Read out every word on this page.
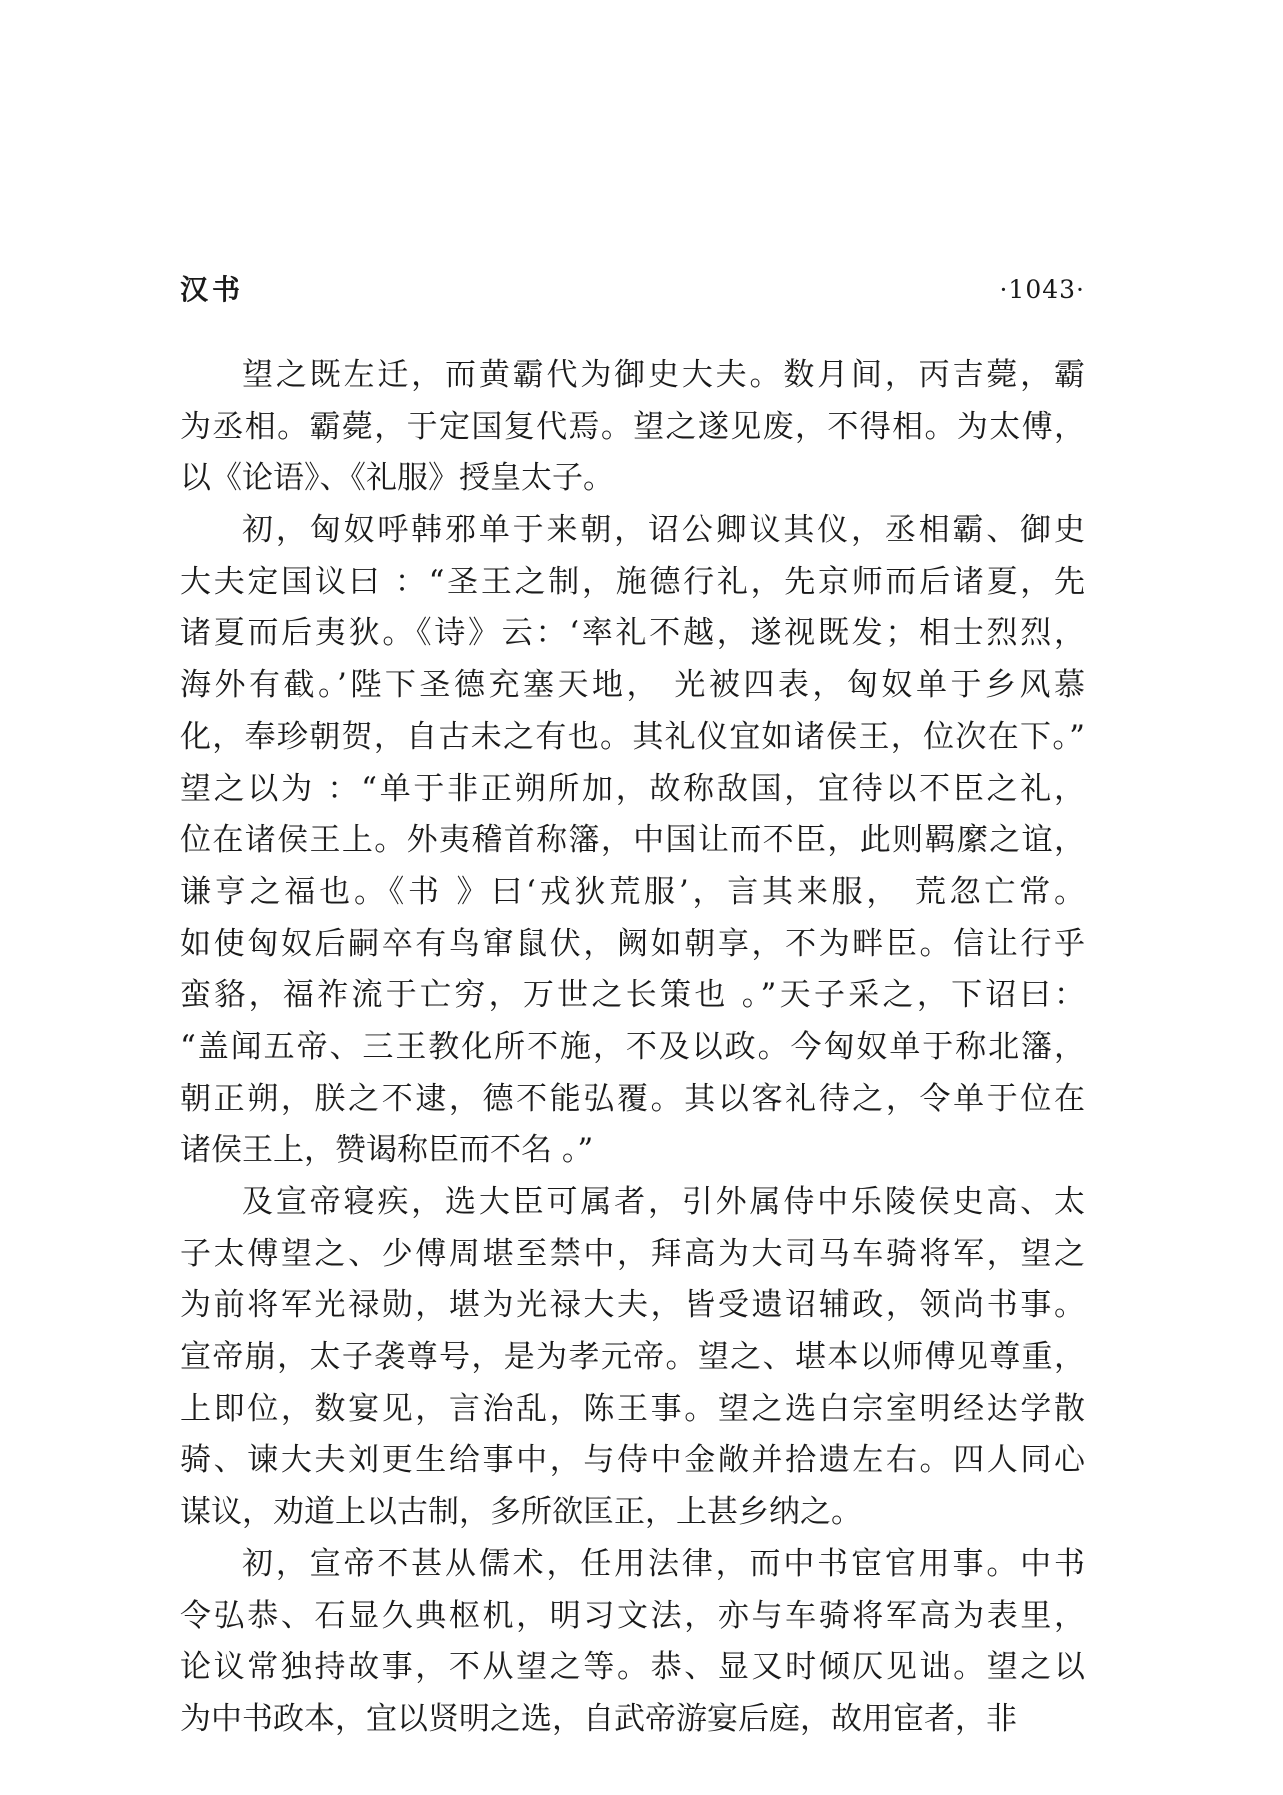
汉书	·1043·
望之既左迁，而黄霸代为御史大夫。数月间，丙吉薨，霸
为丞相。霸薨，于定国复代焉。望之遂见废，不得相。为太傅，
以《论语》、《礼服》授皇太子。
初，匈奴呼韩邪单于来朝，诏公卿议其仪，丞相霸、御史
大夫定国议曰 ：“圣王之制，施德行礼，先京师而后诸夏，先
诸夏而后夷狄。《诗》云：‘率礼不越，遂视既发；相士烈烈，
海外有截。’陛下圣德充塞天地， 光被四表，匈奴单于乡风慕
化，奉珍朝贺，自古未之有也。其礼仪宜如诸侯王，位次在下。”
望之以为 ：“单于非正朔所加，故称敌国，宜待以不臣之礼，
位在诸侯王上。外夷稽首称籓，中国让而不臣，此则羁縻之谊，
谦亨之福也。《书 》曰‘戎狄荒服’，言其来服， 荒忽亡常。
如使匈奴后嗣卒有鸟窜鼠伏，阙如朝享，不为畔臣。信让行乎
蛮貉，福祚流于亡穷，万世之长策也 。”天子采之，下诏曰：
“盖闻五帝、三王教化所不施，不及以政。今匈奴单于称北籓，
朝正朔，朕之不逮，德不能弘覆。其以客礼待之，令单于位在
诸侯王上，赞谒称臣而不名 。”
及宣帝寝疾，选大臣可属者，引外属侍中乐陵侯史高、太
子太傅望之、少傅周堪至禁中，拜高为大司马车骑将军，望之
为前将军光禄勋，堪为光禄大夫，皆受遗诏辅政，领尚书事。
宣帝崩，太子袭尊号，是为孝元帝。望之、堪本以师傅见尊重，
上即位，数宴见，言治乱，陈王事。望之选白宗室明经达学散
骑、谏大夫刘更生给事中，与侍中金敞并拾遗左右。四人同心
谋议，劝道上以古制，多所欲匡正，上甚乡纳之。
初，宣帝不甚从儒术，任用法律，而中书宦官用事。中书
令弘恭、石显久典枢机，明习文法，亦与车骑将军高为表里，
论议常独持故事，不从望之等。恭、显又时倾仄见诎。望之以
为中书政本，宜以贤明之选，自武帝游宴后庭，故用宦者，非
